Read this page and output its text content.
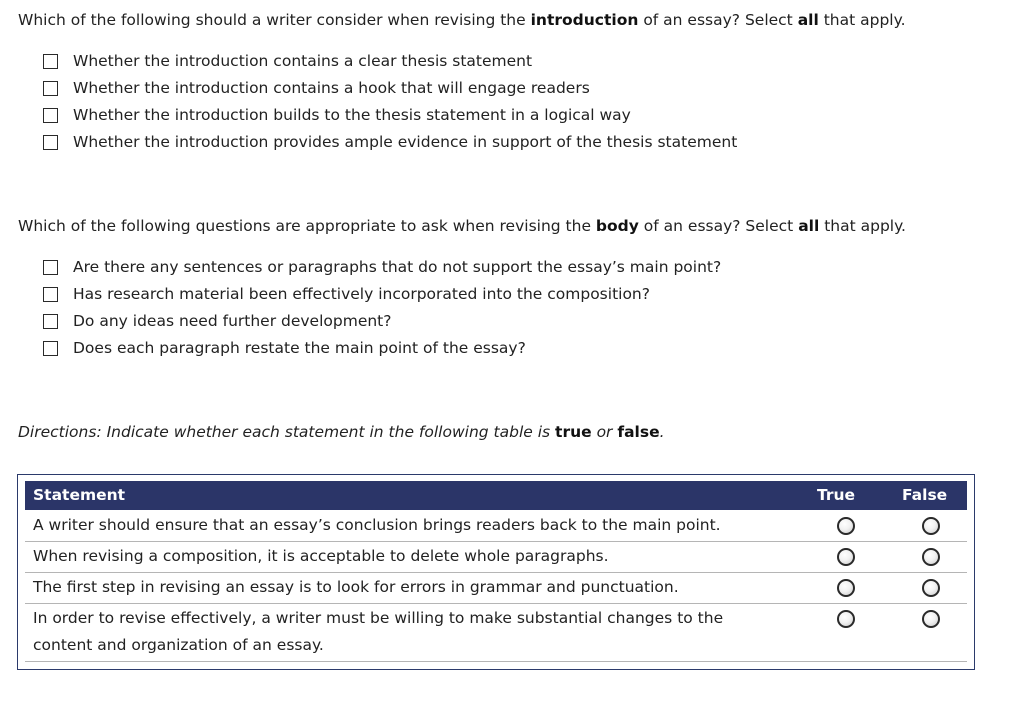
Which of the following should a writer consider when revising the introduction of an essay? Select all that apply.
Whether the introduction contains a clear thesis statement
Whether the introduction contains a hook that will engage readers
Whether the introduction builds to the thesis statement in a logical way
Whether the introduction provides ample evidence in support of the thesis statement
Which of the following questions are appropriate to ask when revising the body of an essay? Select all that apply.
Are there any sentences or paragraphs that do not support the essay’s main point?
Has research material been effectively incorporated into the composition?
Do any ideas need further development?
Does each paragraph restate the main point of the essay?
Directions: Indicate whether each statement in the following table is true or false.
Statement	True	False
A writer should ensure that an essay’s conclusion brings readers back to the main point.
When revising a composition, it is acceptable to delete whole paragraphs.
The first step in revising an essay is to look for errors in grammar and punctuation.
In order to revise effectively, a writer must be willing to make substantial changes to the content and organization of an essay.
